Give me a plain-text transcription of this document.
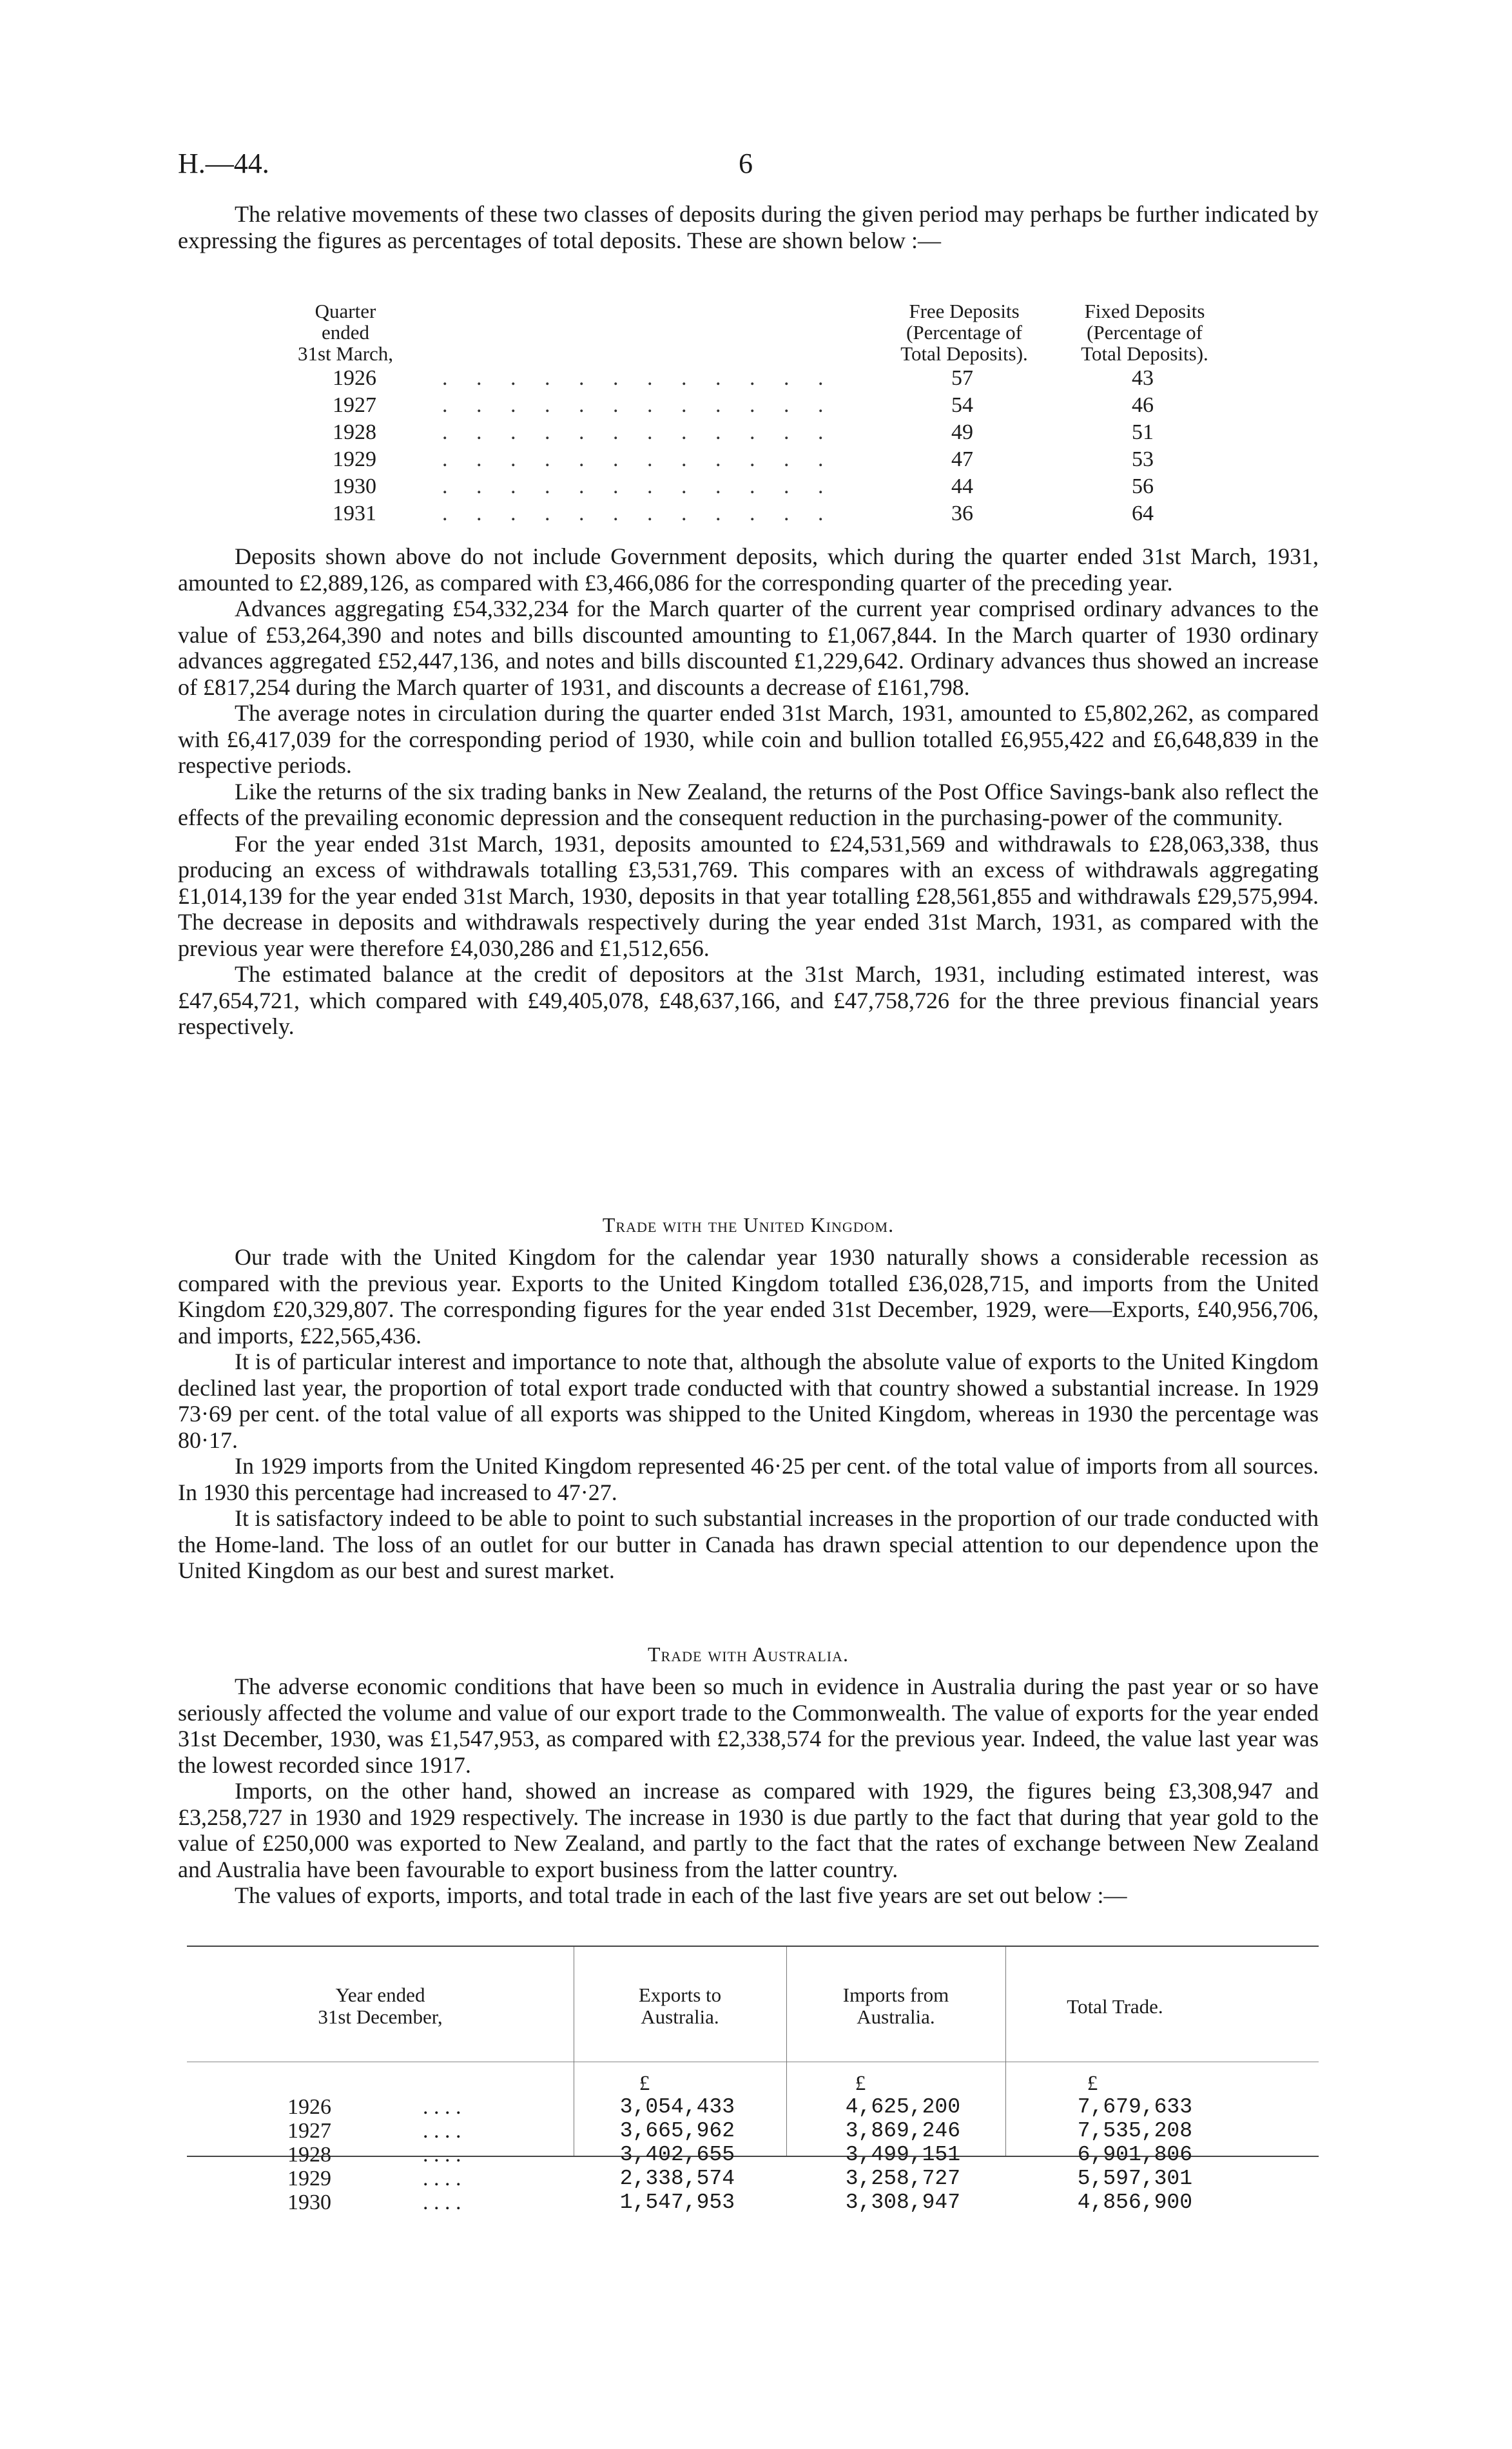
H.—44.	6

The relative movements of these two classes of deposits during the given period may perhaps be further indicated by expressing the figures as percentages of total deposits. These are shown below :—

Quarter
ended
31st March,
Free Deposits
(Percentage of
Total Deposits).
Fixed Deposits
(Percentage of
Total Deposits).
1926	. . . . . . . . . . . .	57	43
1927	. . . . . . . . . . . .	54	46
1928	. . . . . . . . . . . .	49	51
1929	. . . . . . . . . . . .	47	53
1930	. . . . . . . . . . . .	44	56
1931	. . . . . . . . . . . .	36	64

Deposits shown above do not include Government deposits, which during the quarter ended 31st March, 1931, amounted to £2,889,126, as compared with £3,466,086 for the corresponding quarter of the preceding year.

Advances aggregating £54,332,234 for the March quarter of the current year comprised ordinary advances to the value of £53,264,390 and notes and bills discounted amounting to £1,067,844. In the March quarter of 1930 ordinary advances aggregated £52,447,136, and notes and bills discounted £1,229,642. Ordinary advances thus showed an increase of £817,254 during the March quarter of 1931, and discounts a decrease of £161,798.

The average notes in circulation during the quarter ended 31st March, 1931, amounted to £5,802,262, as compared with £6,417,039 for the corresponding period of 1930, while coin and bullion totalled £6,955,422 and £6,648,839 in the respective periods.

Like the returns of the six trading banks in New Zealand, the returns of the Post Office Savings-bank also reflect the effects of the prevailing economic depression and the consequent reduction in the purchasing-power of the community.

For the year ended 31st March, 1931, deposits amounted to £24,531,569 and withdrawals to £28,063,338, thus producing an excess of withdrawals totalling £3,531,769. This compares with an excess of withdrawals aggregating £1,014,139 for the year ended 31st March, 1930, deposits in that year totalling £28,561,855 and withdrawals £29,575,994. The decrease in deposits and withdrawals respectively during the year ended 31st March, 1931, as compared with the previous year were therefore £4,030,286 and £1,512,656.

The estimated balance at the credit of depositors at the 31st March, 1931, including estimated interest, was £47,654,721, which compared with £49,405,078, £48,637,166, and £47,758,726 for the three previous financial years respectively.

Trade with the United Kingdom.

Our trade with the United Kingdom for the calendar year 1930 naturally shows a considerable recession as compared with the previous year. Exports to the United Kingdom totalled £36,028,715, and imports from the United Kingdom £20,329,807. The corresponding figures for the year ended 31st December, 1929, were—Exports, £40,956,706, and imports, £22,565,436.

It is of particular interest and importance to note that, although the absolute value of exports to the United Kingdom declined last year, the proportion of total export trade conducted with that country showed a substantial increase. In 1929 73·69 per cent. of the total value of all exports was shipped to the United Kingdom, whereas in 1930 the percentage was 80·17.

In 1929 imports from the United Kingdom represented 46·25 per cent. of the total value of imports from all sources. In 1930 this percentage had increased to 47·27.

It is satisfactory indeed to be able to point to such substantial increases in the proportion of our trade conducted with the Home-land. The loss of an outlet for our butter in Canada has drawn special attention to our dependence upon the United Kingdom as our best and surest market.

Trade with Australia.

The adverse economic conditions that have been so much in evidence in Australia during the past year or so have seriously affected the volume and value of our export trade to the Commonwealth. The value of exports for the year ended 31st December, 1930, was £1,547,953, as compared with £2,338,574 for the previous year. Indeed, the value last year was the lowest recorded since 1917.

Imports, on the other hand, showed an increase as compared with 1929, the figures being £3,308,947 and £3,258,727 in 1930 and 1929 respectively. The increase in 1930 is due partly to the fact that during that year gold to the value of £250,000 was exported to New Zealand, and partly to the fact that the rates of exchange between New Zealand and Australia have been favourable to export business from the latter country.

The values of exports, imports, and total trade in each of the last five years are set out below :—

Year ended
31st December,
Exports to
Australia.
Imports from
Australia.	Total Trade.
£	£	£
1926	. . . .	3,054,433	4,625,200	7,679,633
1927	. . . .	3,665,962	3,869,246	7,535,208
1928	. . . .	3,402,655	3,499,151	6,901,806
1929	. . . .	2,338,574	3,258,727	5,597,301
1930	. . . .	1,547,953	3,308,947	4,856,900
